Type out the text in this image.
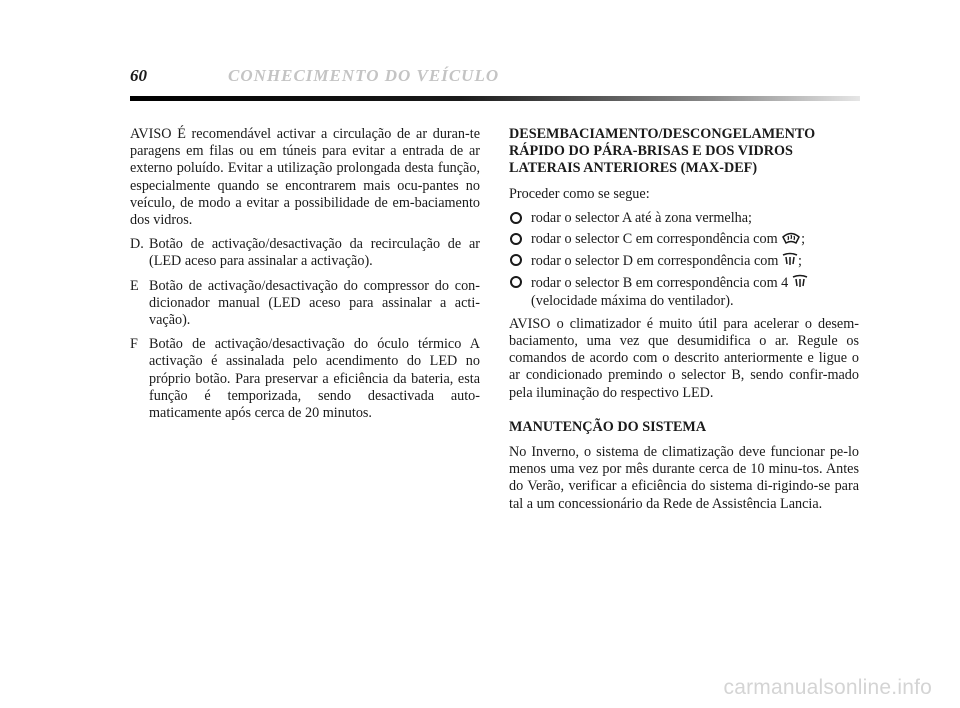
60	CONHECIMENTO DO VEÍCULO

AVISO É recomendável activar a circulação de ar duran-te paragens em filas ou em túneis para evitar a entrada de ar externo poluído. Evitar a utilização prolongada desta função, especialmente quando se encontrarem mais ocu-pantes no veículo, de modo a evitar a possibilidade de em-baciamento dos vidros.

D. Botão de activação/desactivação da recirculação de ar (LED aceso para assinalar a activação).
E Botão de activação/desactivação do compressor do con-dicionador manual (LED aceso para assinalar a acti-vação).
F Botão de activação/desactivação do óculo térmico A activação é assinalada pelo acendimento do LED no próprio botão. Para preservar a eficiência da bateria, esta função é temporizada, sendo desactivada auto-maticamente após cerca de 20 minutos.

DESEMBACIAMENTO/DESCONGELAMENTO RÁPIDO DO PÁRA-BRISAS E DOS VIDROS LATERAIS ANTERIORES (MAX-DEF)

Proceder como se segue:

rodar o selector A até à zona vermelha;
rodar o selector C em correspondência com ;
rodar o selector D em correspondência com ;
rodar o selector B em correspondência com 4
(velocidade máxima do ventilador).

AVISO o climatizador é muito útil para acelerar o desem-baciamento, uma vez que desumidifica o ar. Regule os comandos de acordo com o descrito anteriormente e ligue o ar condicionado premindo o selector B, sendo confir-mado pela iluminação do respectivo LED.

MANUTENÇÃO DO SISTEMA

No Inverno, o sistema de climatização deve funcionar pe-lo menos uma vez por mês durante cerca de 10 minu-tos. Antes do Verão, verificar a eficiência do sistema di-rigindo-se para tal a um concessionário da Rede de Assistência Lancia.

carmanualsonline.info
